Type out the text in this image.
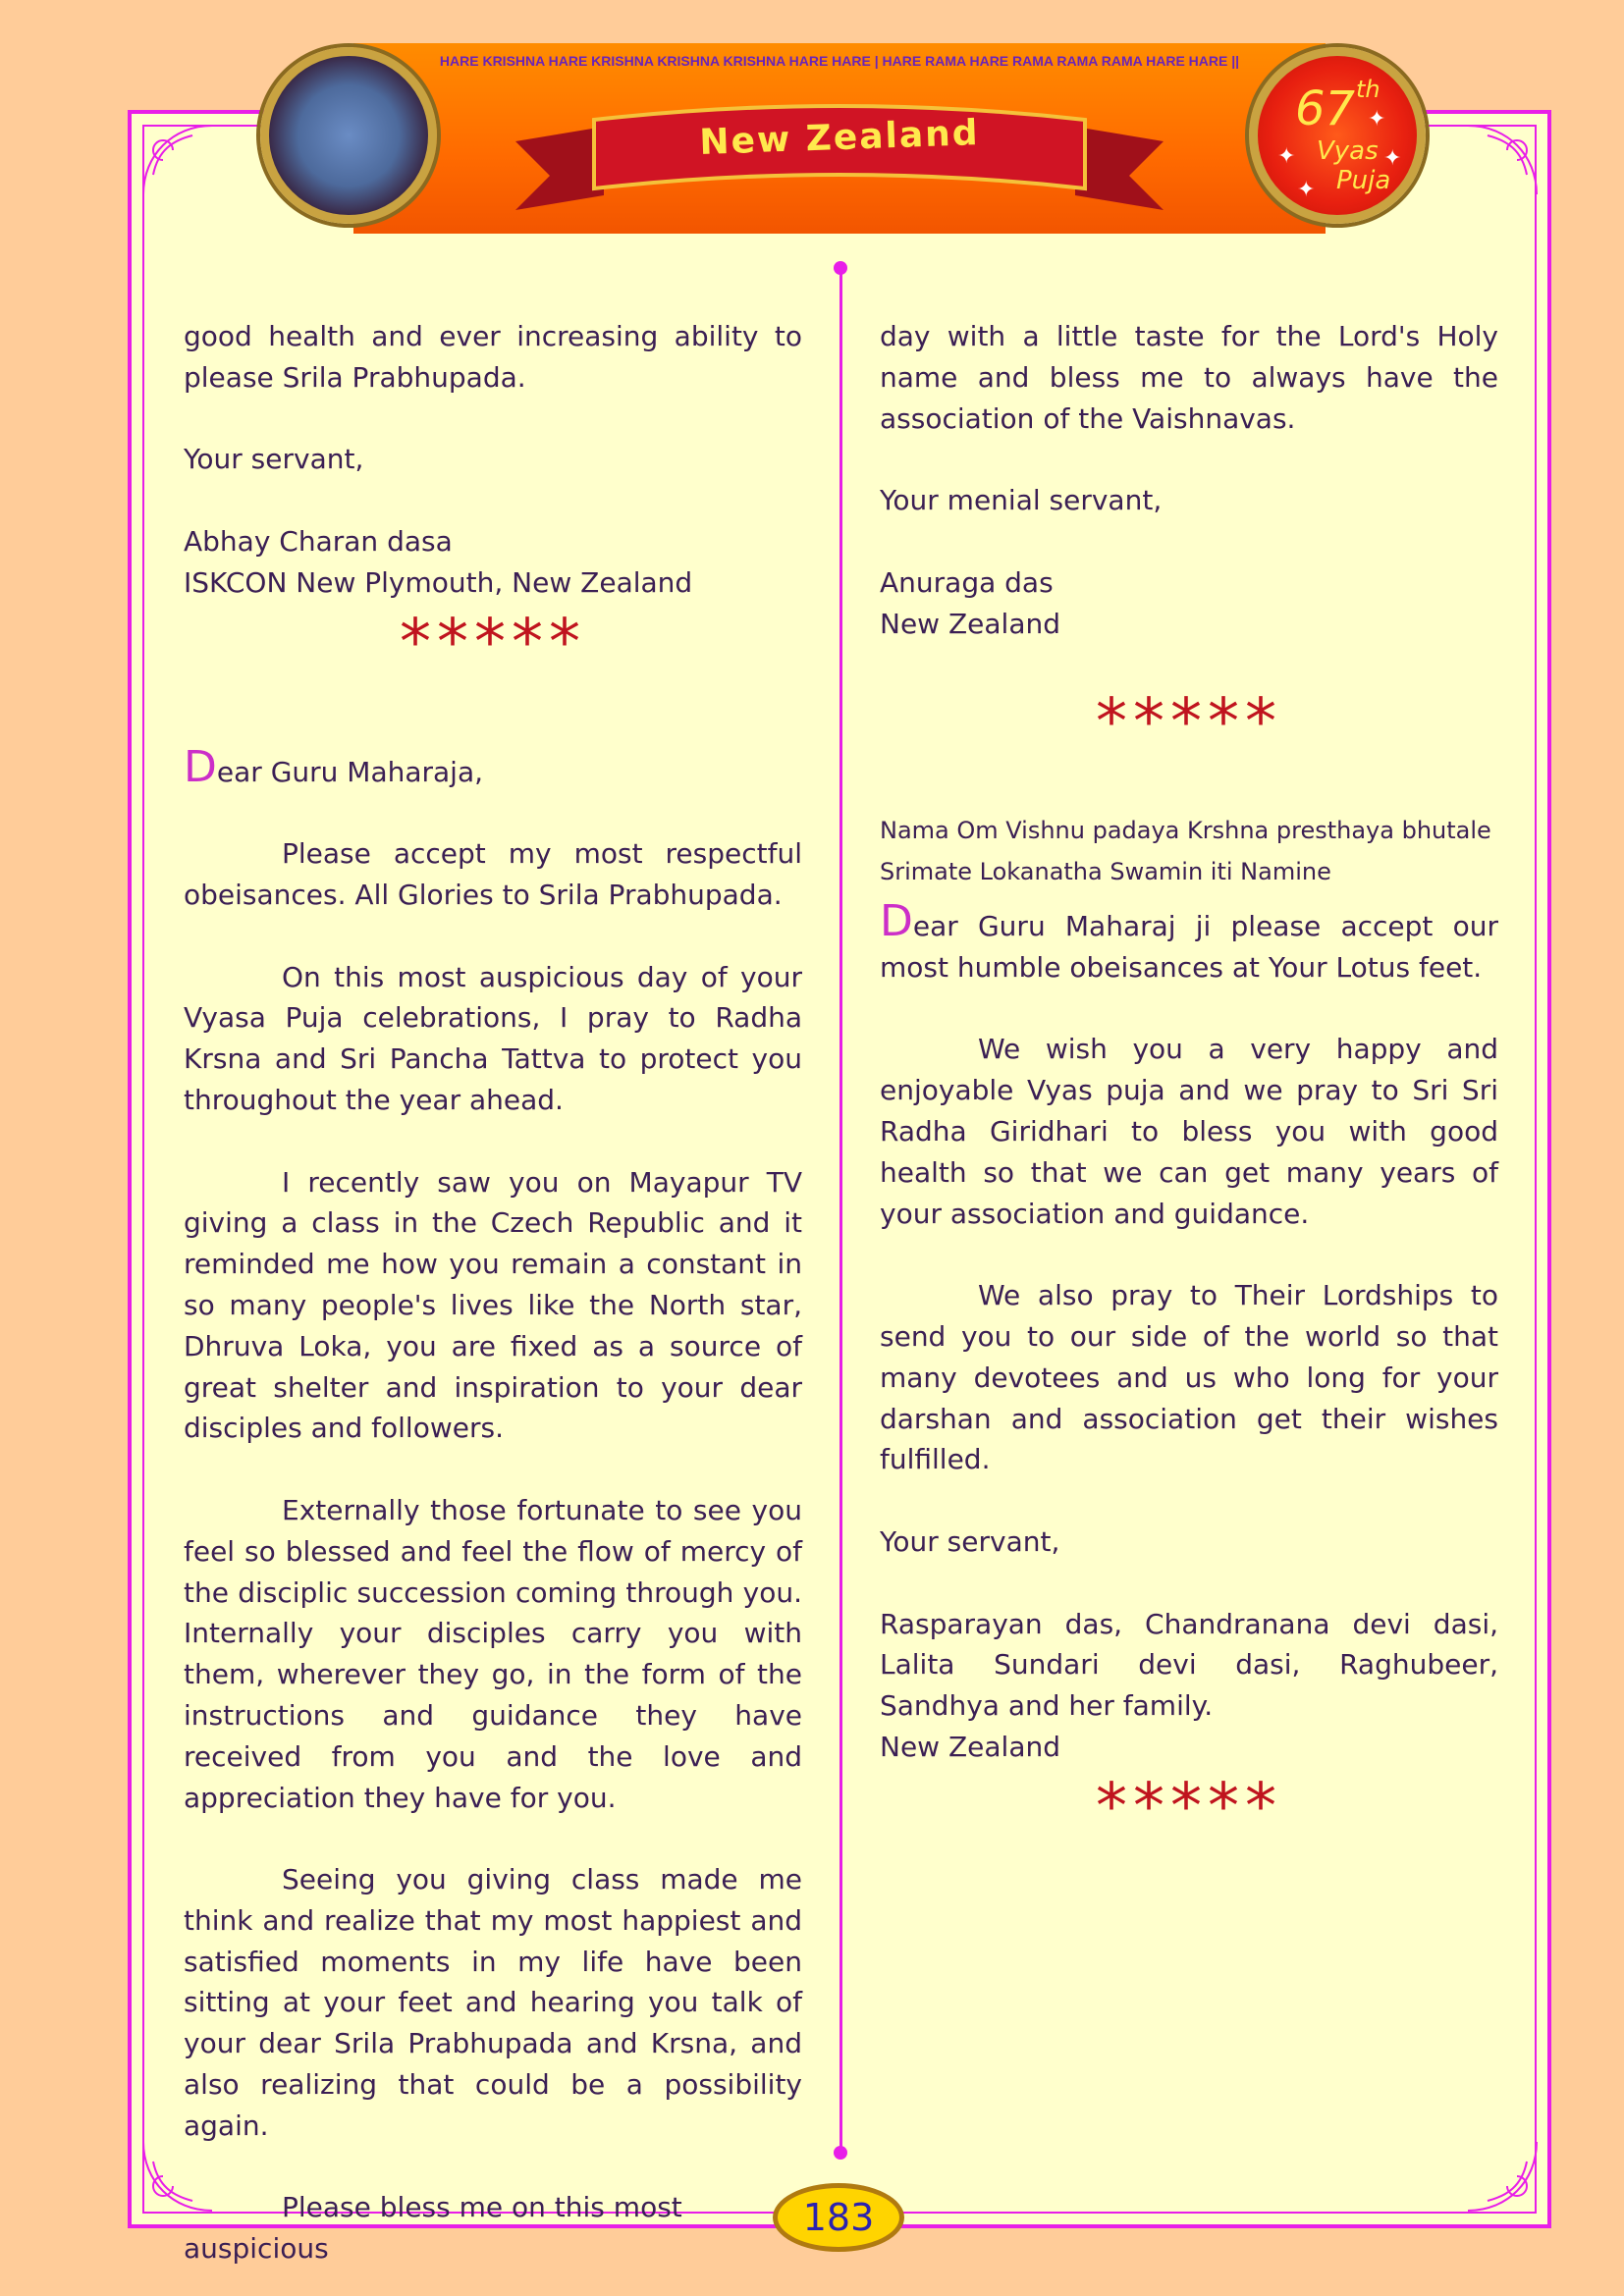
HARE KRISHNA HARE KRISHNA KRISHNA KRISHNA HARE HARE | HARE RAMA HARE RAMA RAMA RAMA HARE HARE ||
New Zealand
67 th
Vyas
Puja
✦
✦	✦
✦

good health and ever increasing ability to please Srila Prabhupada.

Your servant,

Abhay Charan dasa

ISKCON New Plymouth, New Zealand

*****

Dear Guru Maharaja,

Please accept my most respectful obeisances. All Glories to Srila Prabhupada.

On this most auspicious day of your Vyasa Puja celebrations, I pray to Radha Krsna and Sri Pancha Tattva to protect you throughout the year ahead.

I recently saw you on Mayapur TV giving a class in the Czech Republic and it reminded me how you remain a constant in so many people's lives like the North star, Dhruva Loka, you are fixed as a source of great shelter and inspiration to your dear disciples and followers.

Externally those fortunate to see you feel so blessed and feel the flow of mercy of the disciplic succession coming through you. Internally your disciples carry you with them, wherever they go, in the form of the instructions and guidance they have received from you and the love and appreciation they have for you.

Seeing you giving class made me think and realize that my most happiest and satisfied moments in my life have been sitting at your feet and hearing you talk of your dear Srila Prabhupada and Krsna, and also realizing that could be a possibility again.

Please bless me on this most auspicious

day with a little taste for the Lord's Holy name and bless me to always have the association of the Vaishnavas.

Your menial servant,

Anuraga das

New Zealand

*****

Nama Om Vishnu padaya Krshna presthaya bhutale

Srimate Lokanatha Swamin iti Namine

Dear Guru Maharaj ji please accept our most humble obeisances at Your Lotus feet.

We wish you a very happy and enjoyable Vyas puja and we pray to Sri Sri Radha Giridhari to bless you with good health so that we can get many years of your association and guidance.

We also pray to Their Lordships to send you to our side of the world so that many devotees and us who long for your darshan and association get their wishes fulfilled.

Your servant,

Rasparayan das, Chandranana devi dasi, Lalita Sundari devi dasi, Raghubeer, Sandhya and her family.

New Zealand

*****
183
